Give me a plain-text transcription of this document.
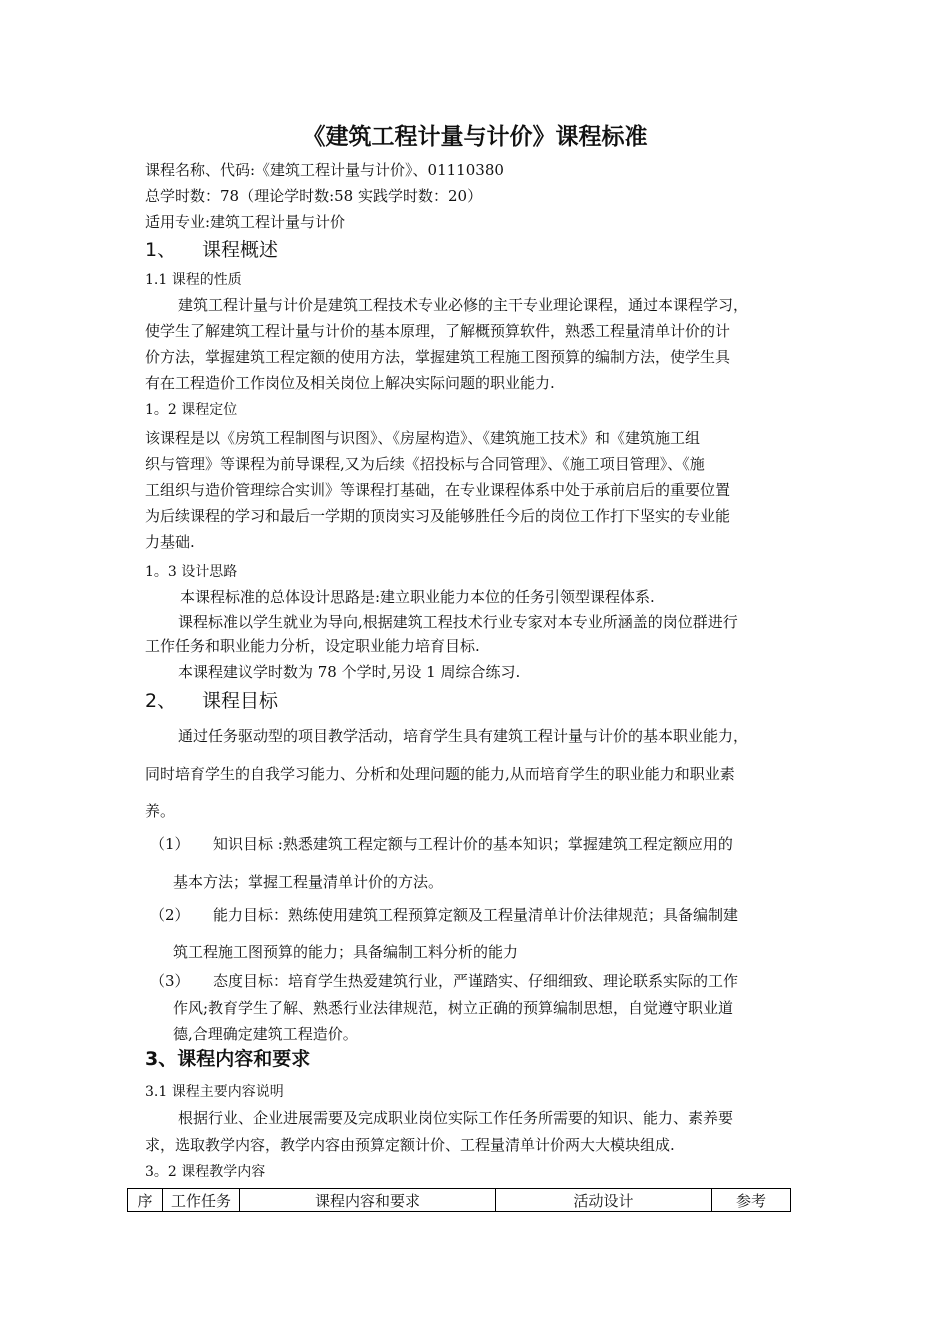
《建筑工程计量与计价》课程标准
课程名称、代码:《建筑工程计量与计价》、01110380
总学时数：78（理论学时数:58 实践学时数：20）
适用专业:建筑工程计量与计价
1、 课程概述
1.1 课程的性质
建筑工程计量与计价是建筑工程技术专业必修的主干专业理论课程，通过本课程学习，
使学生了解建筑工程计量与计价的基本原理，了解概预算软件，熟悉工程量清单计价的计
价方法，掌握建筑工程定额的使用方法，掌握建筑工程施工图预算的编制方法，使学生具
有在工程造价工作岗位及相关岗位上解决实际问题的职业能力.
1。2 课程定位
该课程是以《房筑工程制图与识图》、《房屋构造》、《建筑施工技术》和《建筑施工组
织与管理》等课程为前导课程,又为后续《招投标与合同管理》、《施工项目管理》、《施
工组织与造价管理综合实训》等课程打基础，在专业课程体系中处于承前启后的重要位置
为后续课程的学习和最后一学期的顶岗实习及能够胜任今后的岗位工作打下坚实的专业能
力基础.
1。3 设计思路
本课程标准的总体设计思路是:建立职业能力本位的任务引领型课程体系.
课程标准以学生就业为导向,根据建筑工程技术行业专家对本专业所涵盖的岗位群进行
工作任务和职业能力分析，设定职业能力培育目标.
本课程建议学时数为 78 个学时,另设 1 周综合练习.
2、 课程目标
通过任务驱动型的项目教学活动，培育学生具有建筑工程计量与计价的基本职业能力，
同时培育学生的自我学习能力、分析和处理问题的能力,从而培育学生的职业能力和职业素
养。
（1） 知识目标 :熟悉建筑工程定额与工程计价的基本知识；掌握建筑工程定额应用的
基本方法；掌握工程量清单计价的方法。
（2） 能力目标：熟练使用建筑工程预算定额及工程量清单计价法律规范；具备编制建
筑工程施工图预算的能力；具备编制工料分析的能力
（3） 态度目标：培育学生热爱建筑行业，严谨踏实、仔细细致、理论联系实际的工作
作风;教育学生了解、熟悉行业法律规范，树立正确的预算编制思想，自觉遵守职业道
德,合理确定建筑工程造价。
3、课程内容和要求
3.1 课程主要内容说明
根据行业、企业进展需要及完成职业岗位实际工作任务所需要的知识、能力、素养要
求，选取教学内容，教学内容由预算定额计价、工程量清单计价两大大模块组成.
3。2 课程教学内容
序	工作任务	课程内容和要求	活动设计	参考
